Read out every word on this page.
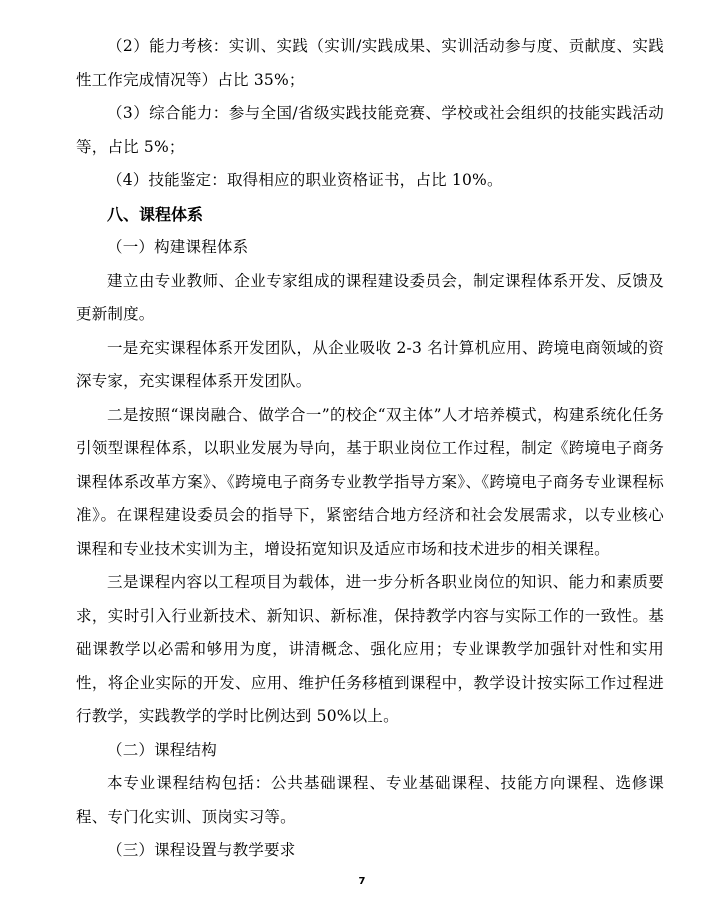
（2）能力考核：实训、实践（实训/实践成果、实训活动参与度、贡献度、实践性工作完成情况等）占比 35%；

（3）综合能力：参与全国/省级实践技能竞赛、学校或社会组织的技能实践活动等，占比 5%；

（4）技能鉴定：取得相应的职业资格证书，占比 10%。

八、课程体系

（一）构建课程体系

建立由专业教师、企业专家组成的课程建设委员会，制定课程体系开发、反馈及更新制度。

一是充实课程体系开发团队，从企业吸收 2-3 名计算机应用、跨境电商领域的资深专家，充实课程体系开发团队。

二是按照“课岗融合、做学合一”的校企“双主体”人才培养模式，构建系统化任务引领型课程体系，以职业发展为导向，基于职业岗位工作过程，制定《跨境电子商务课程体系改革方案》、《跨境电子商务专业教学指导方案》、《跨境电子商务专业课程标准》。在课程建设委员会的指导下，紧密结合地方经济和社会发展需求，以专业核心课程和专业技术实训为主，增设拓宽知识及适应市场和技术进步的相关课程。

三是课程内容以工程项目为载体，进一步分析各职业岗位的知识、能力和素质要求，实时引入行业新技术、新知识、新标准，保持教学内容与实际工作的一致性。基础课教学以必需和够用为度，讲清概念、强化应用；专业课教学加强针对性和实用性，将企业实际的开发、应用、维护任务移植到课程中，教学设计按实际工作过程进行教学，实践教学的学时比例达到 50%以上。

（二）课程结构

本专业课程结构包括：公共基础课程、专业基础课程、技能方向课程、选修课程、专门化实训、顶岗实习等。

（三）课程设置与教学要求

7
